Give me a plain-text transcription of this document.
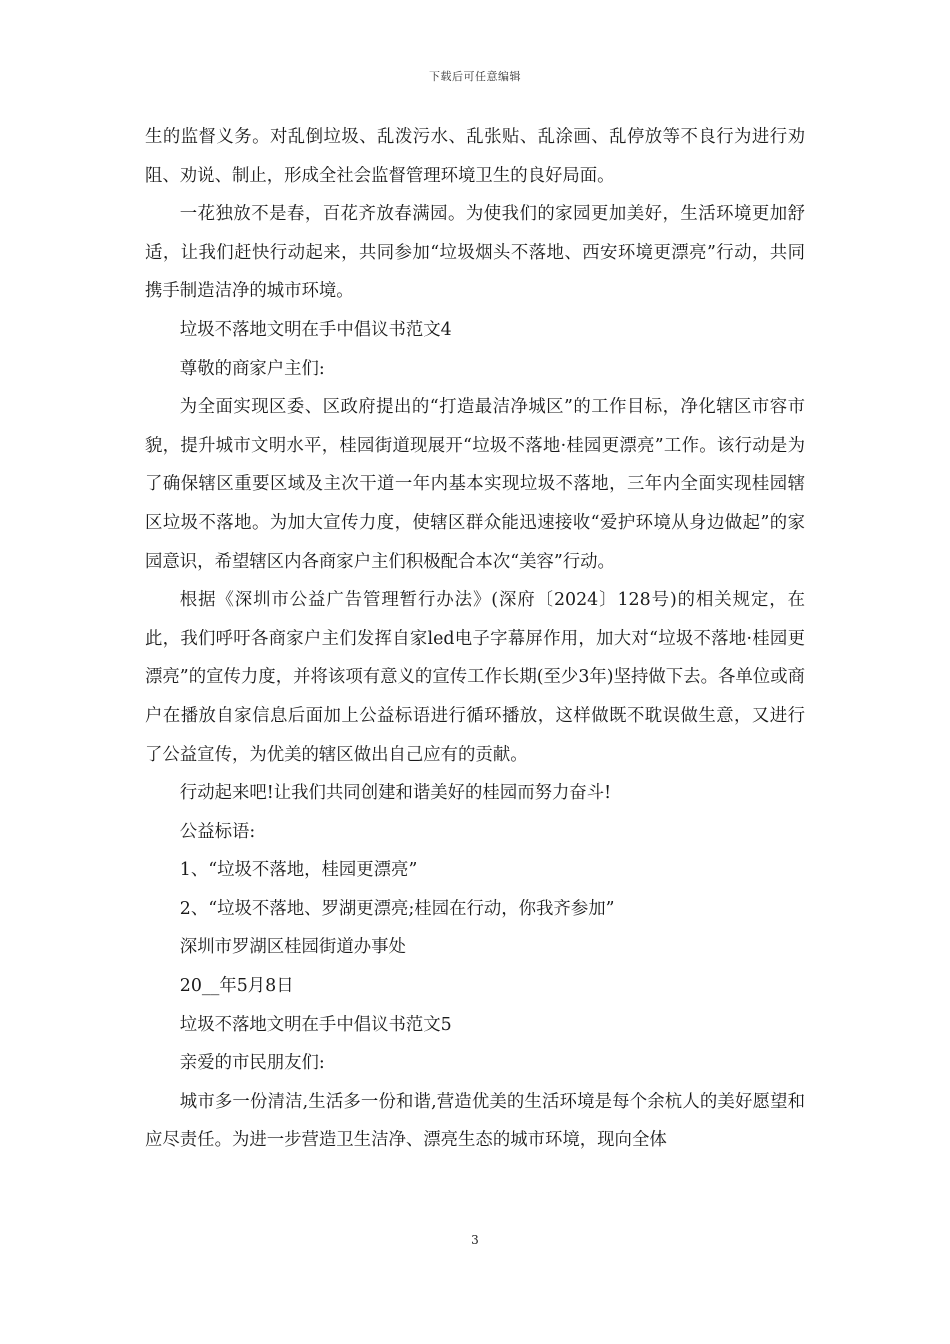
下载后可任意编辑

生的监督义务。对乱倒垃圾、乱泼污水、乱张贴、乱涂画、乱停放等不良行为进行劝阻、劝说、制止，形成全社会监督管理环境卫生的良好局面。

一花独放不是春，百花齐放春满园。为使我们的家园更加美好，生活环境更加舒适，让我们赶快行动起来，共同参加“垃圾烟头不落地、西安环境更漂亮”行动，共同携手制造洁净的城市环境。

垃圾不落地文明在手中倡议书范文4

尊敬的商家户主们:

为全面实现区委、区政府提出的“打造最洁净城区”的工作目标，净化辖区市容市貌，提升城市文明水平，桂园街道现展开“垃圾不落地·桂园更漂亮”工作。该行动是为了确保辖区重要区域及主次干道一年内基本实现垃圾不落地，三年内全面实现桂园辖区垃圾不落地。为加大宣传力度，使辖区群众能迅速接收“爱护环境从身边做起”的家园意识，希望辖区内各商家户主们积极配合本次“美容”行动。

根据《深圳市公益广告管理暂行办法》(深府〔2024〕128号)的相关规定，在此，我们呼吁各商家户主们发挥自家led电子字幕屏作用，加大对“垃圾不落地·桂园更漂亮”的宣传力度，并将该项有意义的宣传工作长期(至少3年)坚持做下去。各单位或商户在播放自家信息后面加上公益标语进行循环播放，这样做既不耽误做生意，又进行了公益宣传，为优美的辖区做出自己应有的贡献。

行动起来吧!让我们共同创建和谐美好的桂园而努力奋斗!

公益标语:

1、“垃圾不落地，桂园更漂亮”

2、“垃圾不落地、罗湖更漂亮;桂园在行动，你我齐参加”

深圳市罗湖区桂园街道办事处

20__年5月8日

垃圾不落地文明在手中倡议书范文5

亲爱的市民朋友们:

城市多一份清洁,生活多一份和谐,营造优美的生活环境是每个余杭人的美好愿望和应尽责任。为进一步营造卫生洁净、漂亮生态的城市环境，现向全体

3
